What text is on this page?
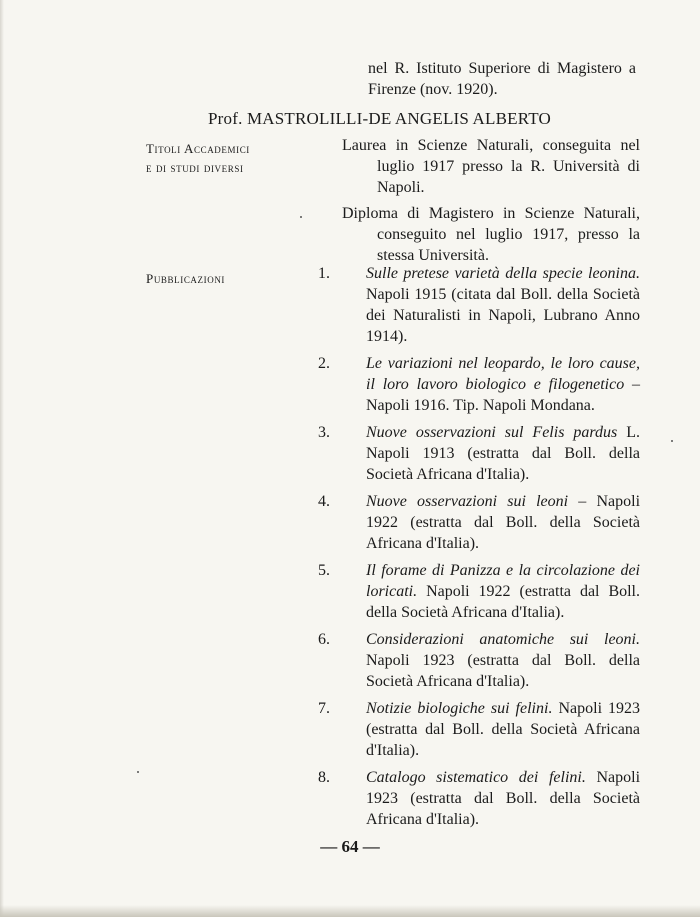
nel R. Istituto Superiore di Magistero a Firenze (nov. 1920).
Prof. MASTROLILLI-DE ANGELIS ALBERTO
Titoli Accademici
e di studi diversi
Laurea in Scienze Naturali, conseguita nel luglio 1917 presso la R. Università di Napoli.
Diploma di Magistero in Scienze Naturali, conseguito nel luglio 1917, presso la stessa Università.
Pubblicazioni	1. Sulle pretese varietà della specie leonina. Napoli 1915 (citata dal Boll. della Società dei Naturalisti in Napoli, Lubrano Anno 1914).
2. Le variazioni nel leopardo, le loro cause, il loro lavoro biologico e filogenetico – Napoli 1916. Tip. Napoli Mondana.
3. Nuove osservazioni sul Felis pardus L. Napoli 1913 (estratta dal Boll. della Società Africana d'Italia).
4. Nuove osservazioni sui leoni – Napoli 1922 (estratta dal Boll. della Società Africana d'Italia).
5. Il forame di Panizza e la circolazione dei loricati. Napoli 1922 (estratta dal Boll. della Società Africana d'Italia).
6. Considerazioni anatomiche sui leoni. Napoli 1923 (estratta dal Boll. della Società Africana d'Italia).
7. Notizie biologiche sui felini. Napoli 1923 (estratta dal Boll. della Società Africana d'Italia).
8. Catalogo sistematico dei felini. Napoli 1923 (estratta dal Boll. della Società Africana d'Italia).
— 64 —
